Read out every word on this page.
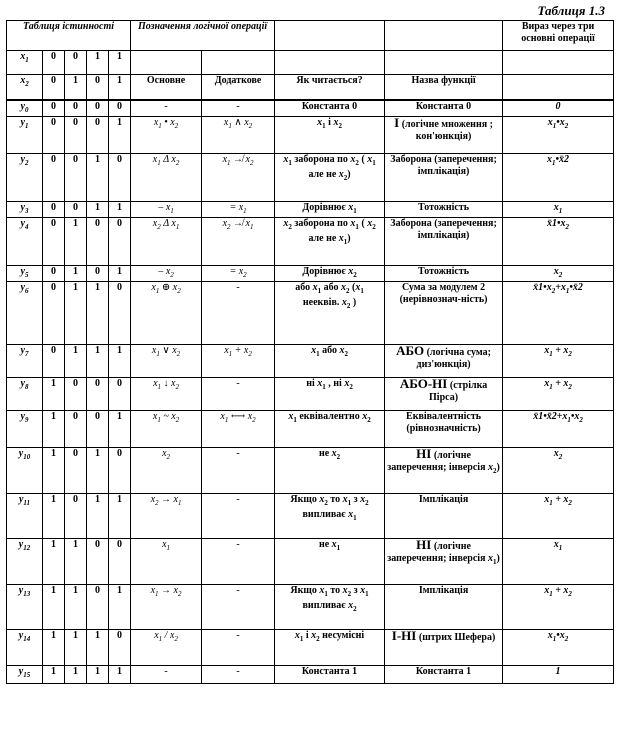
Таблиця 1.3
Таблиця істинності					Позначення логічної операції				Вираз через три основні операції
$x_1$	0	0	1	1					
$x_2$	0	1	0	1	Основне	Додаткове	Як читається?	Назва функції	
$y_0$	0	0	0	0	-	-	Константа 0	Константа 0	0
$y_1$	0	0	0	1	$x_1$ • $x_2$	$x_1$ ∧ $x_2$	$x_1$ і $x_2$	І (логічне множення ; кон'юнкція)	$x_1•x_2$
$y_2$	0	0	1	0	$x_1$ Δ $x_2$	$x_1$ ↛ $x_2$	$x_1$ заборона по $x_2$ ( $x_1$ але не $x_2$)	Заборона (заперечення; імплікація)	$x_1•x̄2$
$y_3$	0	0	1	1	– $x_1$	= $x_1$	Дорівнює $x_1$	Тотожність	$x_1$
$y_4$	0	1	0	0	$x_2$ Δ $x_1$	$x_2$ ↛ $x_1$	$x_2$ заборона по $x_1$ ( $x_2$ але не $x_1$)	Заборона (заперечення; імплікація)	$x̄1•x_2$
$y_5$	0	1	0	1	– $x_2$	= $x_2$	Дорівнює $x_2$	Тотожність	$x_2$
$y_6$	0	1	1	0	$x_1$ ⊕ $x_2$	-	або $x_1$ або $x_2$ ($x_1$ нееквів. $x_2$ )	Сума за модулем 2 (нерівнознач-ність)	$x̄1•x_2+x_1•x̄2$
$y_7$	0	1	1	1	$x_1$ ∨ $x_2$	$x_1 + x_2$	$x_1$ або $x_2$	АБО (логічна сума; диз'юнкція)	$x_1 + x_2$
$y_8$	1	0	0	0	$x_1$ ↓ $x_2$	-	ні $x_1$ , ні $x_2$	АБО-НІ (стрілка Пірса)	$x_1 + x_2$
$y_9$	1	0	0	1	$x_1$ ~ $x_2$	$x_1$ ⟷ $x_2$	$x_1$ еквівалентно $x_2$	Еквівалентність (рівнозначність)	$x̄1•x̄2+x_1•x_2$
$y_{10}$	1	0	1	0	$x_2$	-	не $x_2$	НІ (логічне заперечення; інверсія $x_2$)	$x_2$
$y_{11}$	1	0	1	1	$x_2 \to x_1$	-	Якщо $x_2$ то $x_1$ з $x_2$ випливає $x_1$	Імплікація	$x_1 + x_2$
$y_{12}$	1	1	0	0	$x_1$	-	не $x_1$	НІ (логічне заперечення; інверсія $x_1$)	$x_1$
$y_{13}$	1	1	0	1	$x_1 \to x_2$	-	Якщо $x_1$ то $x_2$ з $x_1$ випливає $x_2$	Імплікація	$x_1 + x_2$
$y_{14}$	1	1	1	0	$x_1 / x_2$	-	$x_1$ і $x_2$ несумісні	І-НІ (штрих Шефера)	$x_1•x_2$
$y_{15}$	1	1	1	1	-	-	Константа 1	Константа 1	1
